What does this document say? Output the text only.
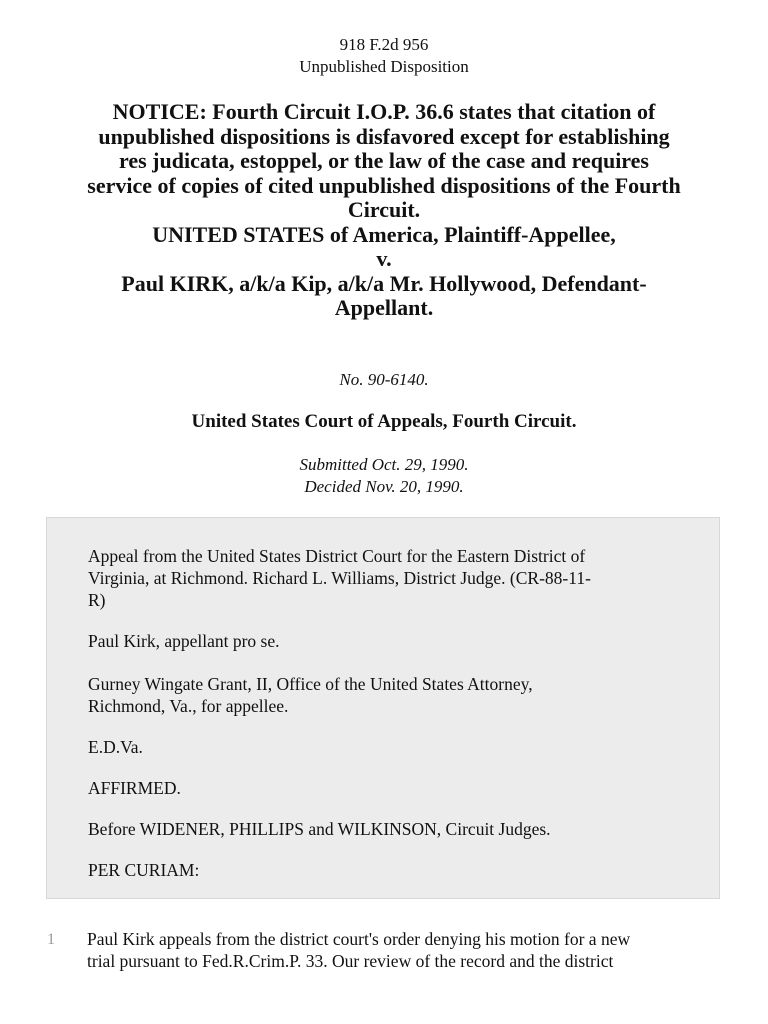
918 F.2d 956
Unpublished Disposition
NOTICE: Fourth Circuit I.O.P. 36.6 states that citation of
unpublished dispositions is disfavored except for establishing
res judicata, estoppel, or the law of the case and requires
service of copies of cited unpublished dispositions of the Fourth
Circuit.
UNITED STATES of America, Plaintiff-Appellee,
v.
Paul KIRK, a/k/a Kip, a/k/a Mr. Hollywood, Defendant-
Appellant.
No. 90-6140.
United States Court of Appeals, Fourth Circuit.
Submitted Oct. 29, 1990.
Decided Nov. 20, 1990.
Appeal from the United States District Court for the Eastern District of
Virginia, at Richmond. Richard L. Williams, District Judge. (CR-88-11-
R)
Paul Kirk, appellant pro se.
Gurney Wingate Grant, II, Office of the United States Attorney,
Richmond, Va., for appellee.
E.D.Va.
AFFIRMED.
Before WIDENER, PHILLIPS and WILKINSON, Circuit Judges.
PER CURIAM:
1 Paul Kirk appeals from the district court's order denying his motion for a new
trial pursuant to Fed.R.Crim.P. 33. Our review of the record and the district
